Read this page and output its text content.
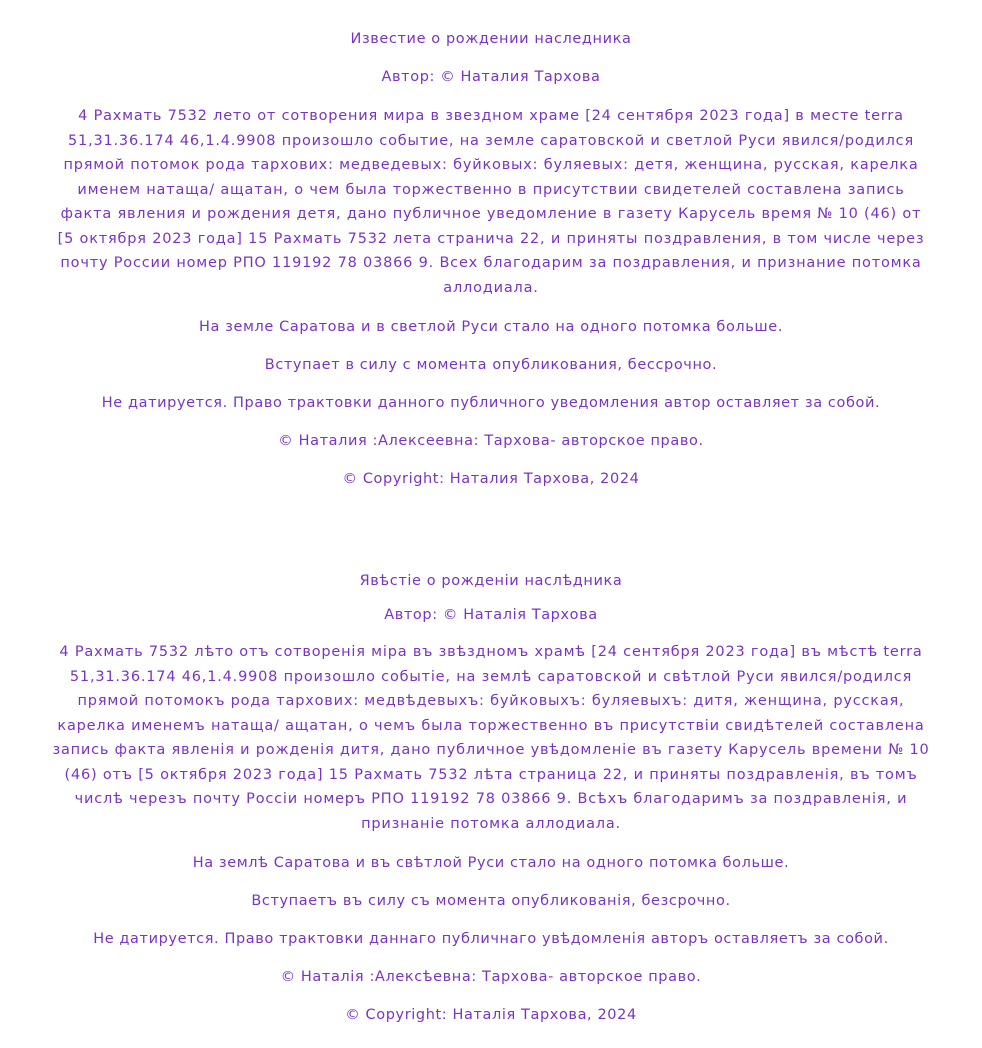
Известие о рождении наследника

Автор: © Наталия Тархова

4 Рахмать 7532 лето от сотворения мира в звездном храме [24 сентября 2023 года] в месте terra 51,31.36.174 46,1.4.9908 произошло событие, на земле саратовской и светлой Руси явился/родился прямой потомок рода тархових: медведевых: буйковых: буляевых: детя, женщина, русская, карелка именем натаща/ ащатан, о чем была торжественно в присутствии свидетелей составлена запись факта явления и рождения детя, дано публичное уведомление в газету Карусель время № 10 (46) от [5 октября 2023 года] 15 Рахмать 7532 лета странича 22, и приняты поздравления, в том числе через почту России номер РПО 119192 78 03866 9. Всех благодарим за поздравления, и признание потомка аллодиала.

На земле Саратова и в светлой Руси стало на одного потомка больше.

Вступает в силу с момента опубликования, бессрочно.

Не датируется. Право трактовки данного публичного уведомления автор оставляет за собой.

© Наталия :Алексеевна: Тархова- авторское право.

© Copyright: Наталия Тархова, 2024

Явѣстіе о рожденіи наслѣдника

Автор: © Наталія Тархова

4 Рахмать 7532 лѣто отъ сотворенія міра въ звѣздномъ храмѣ [24 сентября 2023 года] въ мѣстѣ terra 51,31.36.174 46,1.4.9908 произошло событіе, на землѣ саратовской и свѣтлой Руси явился/родился прямой потомокъ рода тархових: медвѣдевыхъ: буйковыхъ: буляевыхъ: дитя, женщина, русская, карелка именемъ натаща/ ащатан, о чемъ была торжественно въ присутствіи свидѣтелей составлена запись факта явленія и рожденія дитя, дано публичное увѣдомленіе въ газету Карусель времени № 10 (46) отъ [5 октября 2023 года] 15 Рахмать 7532 лѣта страница 22, и приняты поздравленія, въ томъ числѣ черезъ почту Россіи номеръ РПО 119192 78 03866 9. Всѣхъ благодаримъ за поздравленія, и признаніе потомка аллодиала.

На землѣ Саратова и въ свѣтлой Руси стало на одного потомка больше.

Вступаетъ въ силу съ момента опубликованія, безсрочно.

Не датируется. Право трактовки даннаго публичнаго увѣдомленія авторъ оставляетъ за собой.

© Наталія :Алексѣевна: Тархова- авторское право.

© Copyright: Наталія Тархова, 2024
